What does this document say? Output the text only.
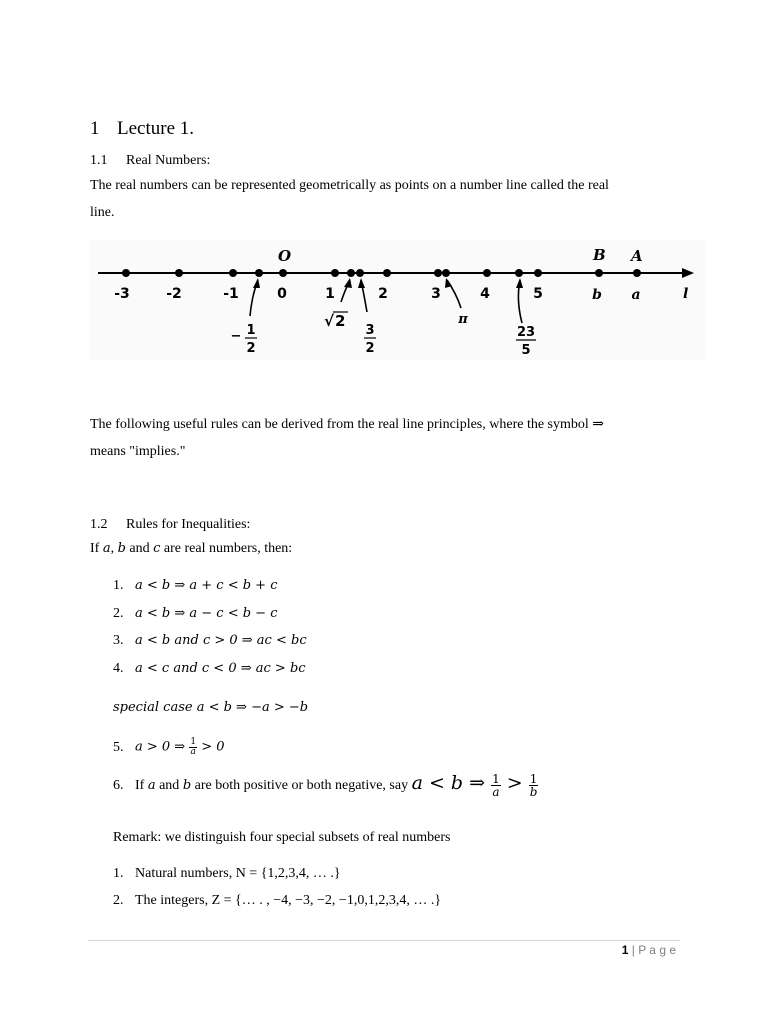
1 Lecture 1.
1.1 Real Numbers:
The real numbers can be represented geometrically as points on a number line called the real
line.
l
O	B A
-3	-2	-1	0	1	2	3	4	5	b a
− 1
2
√ 2
3
2
π
23
5
The following useful rules can be derived from the real line principles, where the symbol ⇒
means "implies."
1.2 Rules for Inequalities:
If a, b and c are real numbers, then:
1. a < b ⇒ a + c < b + c
2. a < b ⇒ a − c < b − c
3. a < b and c > 0 ⇒ ac < bc
4. a < c and c < 0 ⇒ ac > bc
special case a < b ⇒ −a > −b
5. a > 0 ⇒ $\frac{1}{a} > 0$
6. If a and b are both positive or both negative, say a < b ⇒ $\frac{1}{a} > \frac{1}{b}$
Remark: we distinguish four special subsets of real numbers
1. Natural numbers, N = {1,2,3,4, … .}
2. The integers, Z = {… . , −4, −3, −2, −1,0,1,2,3,4, … .}
1 | P a g e
